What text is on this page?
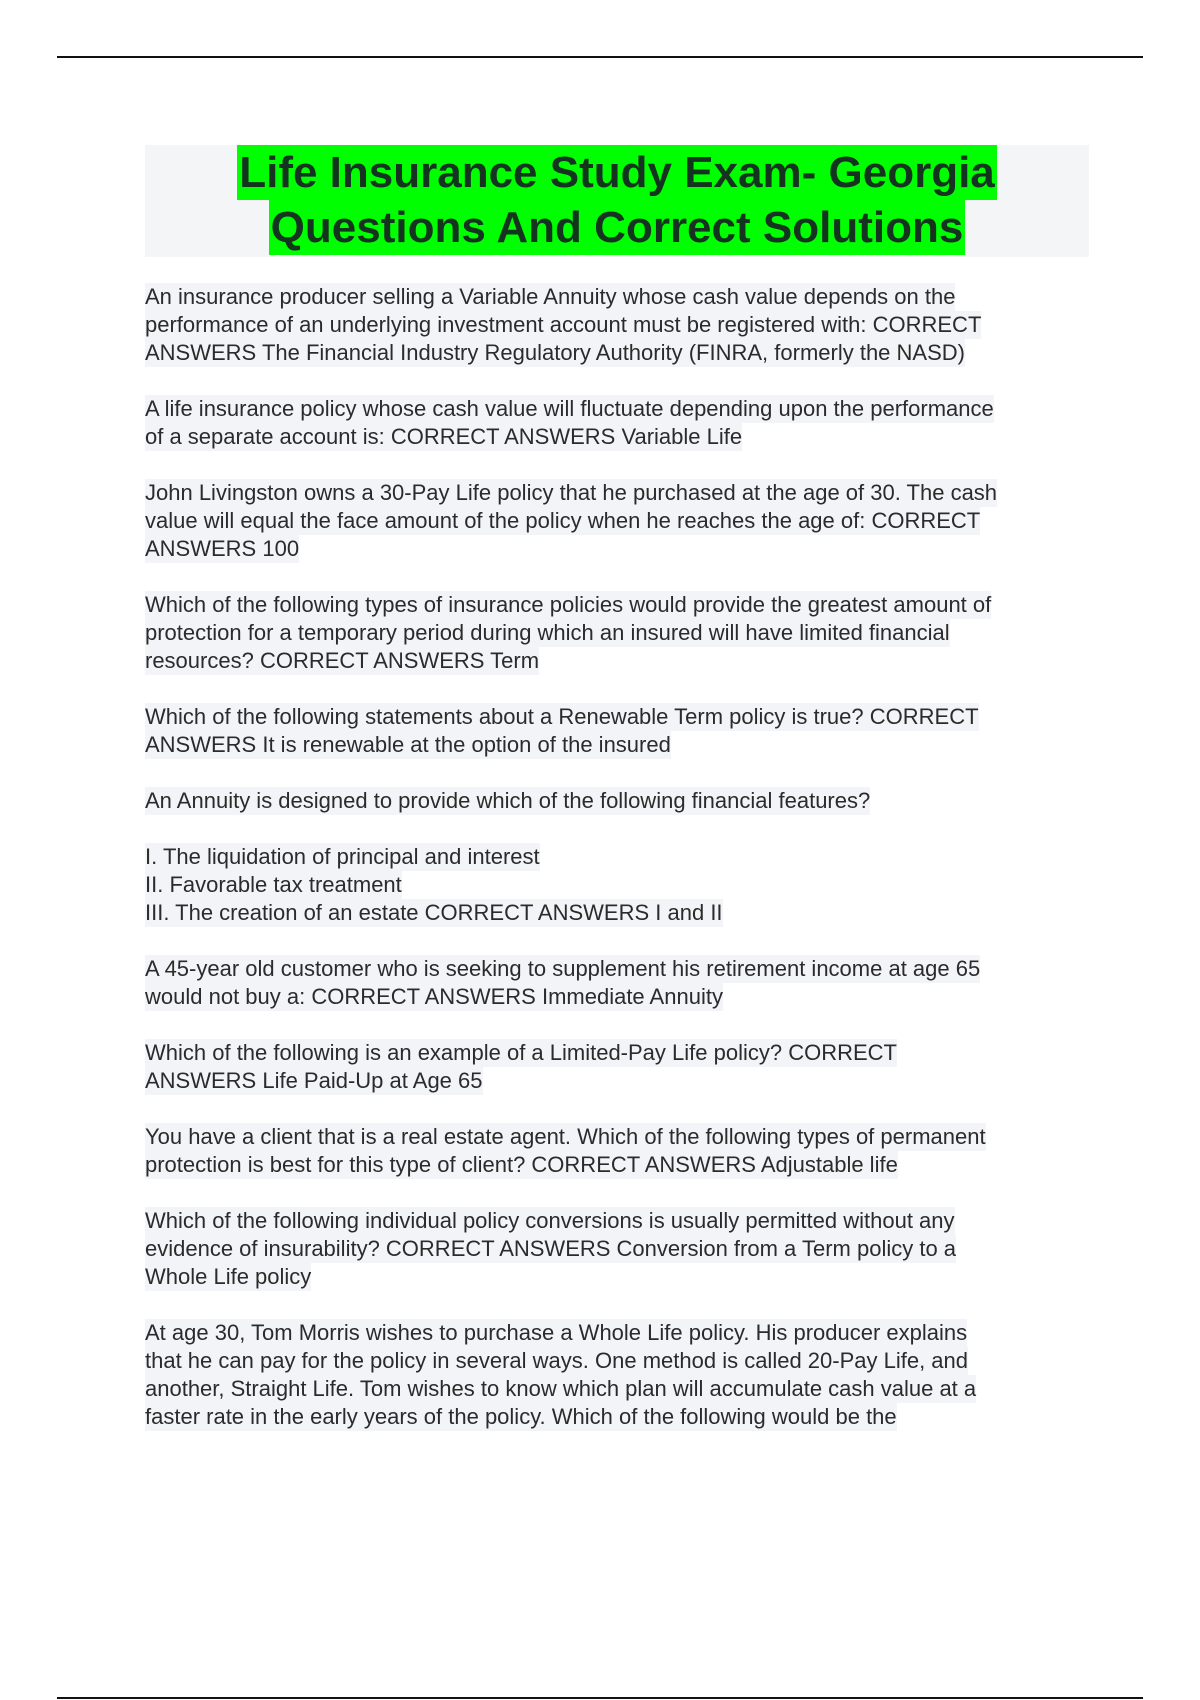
Life Insurance Study Exam- Georgia
Questions And Correct Solutions
An insurance producer selling a Variable Annuity whose cash value depends on the
performance of an underlying investment account must be registered with: CORRECT
ANSWERS The Financial Industry Regulatory Authority (FINRA, formerly the NASD)
A life insurance policy whose cash value will fluctuate depending upon the performance
of a separate account is: CORRECT ANSWERS Variable Life
John Livingston owns a 30-Pay Life policy that he purchased at the age of 30. The cash
value will equal the face amount of the policy when he reaches the age of: CORRECT
ANSWERS 100
Which of the following types of insurance policies would provide the greatest amount of
protection for a temporary period during which an insured will have limited financial
resources? CORRECT ANSWERS Term
Which of the following statements about a Renewable Term policy is true? CORRECT
ANSWERS It is renewable at the option of the insured
An Annuity is designed to provide which of the following financial features?
I. The liquidation of principal and interest
II. Favorable tax treatment
III. The creation of an estate CORRECT ANSWERS I and II
A 45-year old customer who is seeking to supplement his retirement income at age 65
would not buy a: CORRECT ANSWERS Immediate Annuity
Which of the following is an example of a Limited-Pay Life policy? CORRECT
ANSWERS Life Paid-Up at Age 65
You have a client that is a real estate agent. Which of the following types of permanent
protection is best for this type of client? CORRECT ANSWERS Adjustable life
Which of the following individual policy conversions is usually permitted without any
evidence of insurability? CORRECT ANSWERS Conversion from a Term policy to a
Whole Life policy
At age 30, Tom Morris wishes to purchase a Whole Life policy. His producer explains
that he can pay for the policy in several ways. One method is called 20-Pay Life, and
another, Straight Life. Tom wishes to know which plan will accumulate cash value at a
faster rate in the early years of the policy. Which of the following would be the
